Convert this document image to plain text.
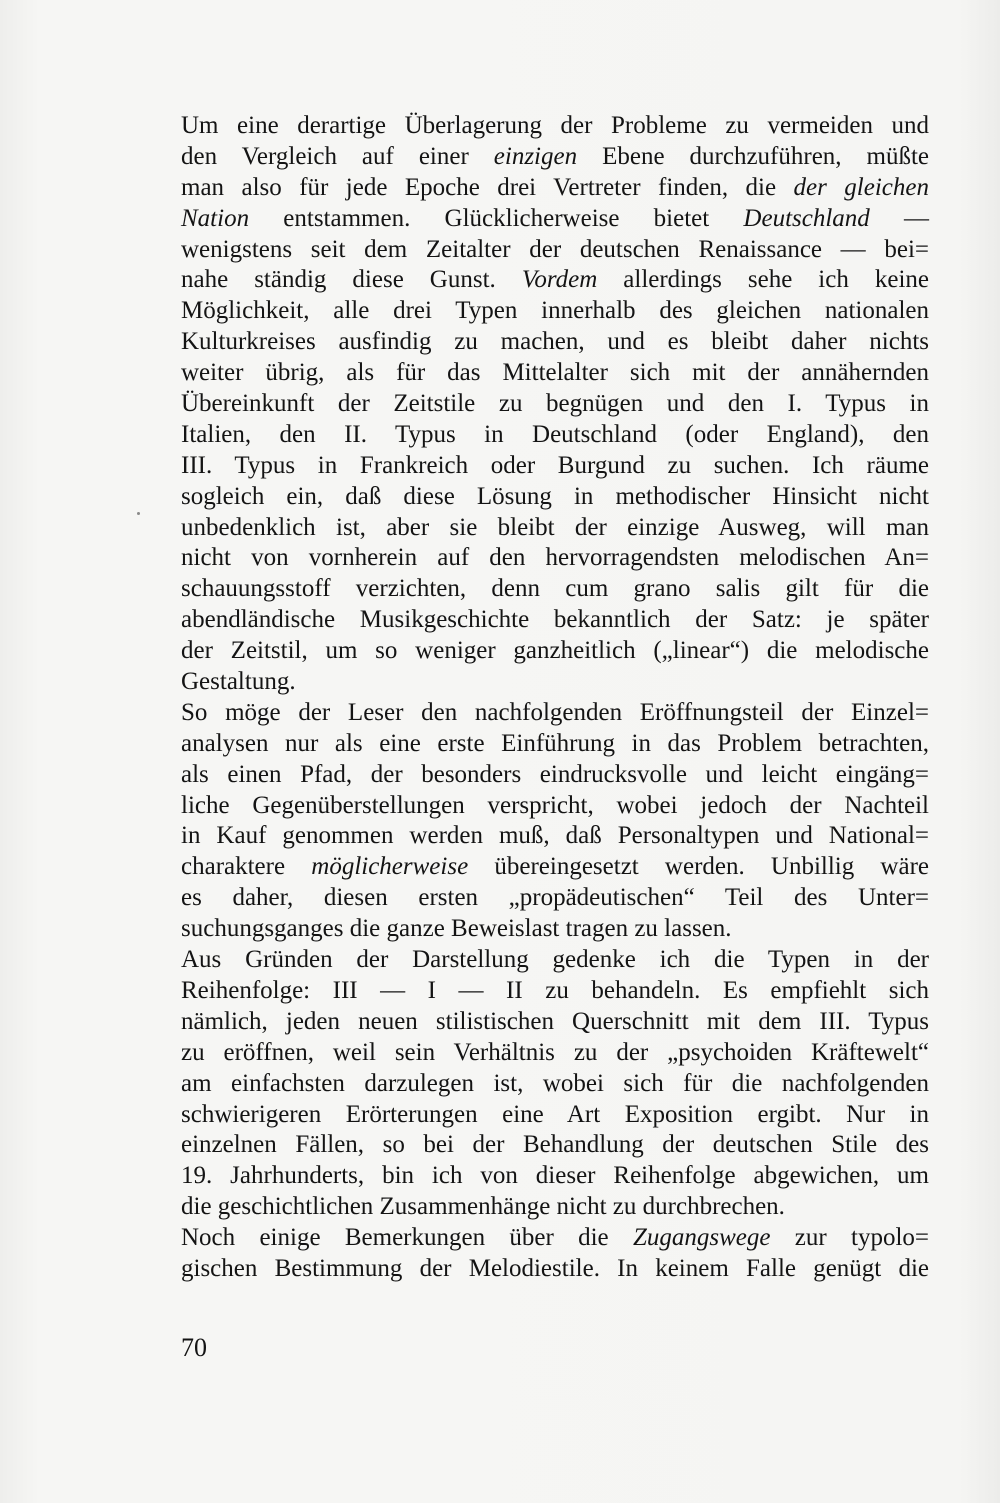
Um eine derartige Überlagerung der Probleme zu vermeiden und
den Vergleich auf einer einzigen Ebene durchzuführen, müßte
man also für jede Epoche drei Vertreter finden, die der gleichen
Nation entstammen. Glücklicherweise bietet Deutschland —
wenigstens seit dem Zeitalter der deutschen Renaissance — bei=
nahe ständig diese Gunst. Vordem allerdings sehe ich keine
Möglichkeit, alle drei Typen innerhalb des gleichen nationalen
Kulturkreises ausfindig zu machen, und es bleibt daher nichts
weiter übrig, als für das Mittelalter sich mit der annähernden
Übereinkunft der Zeitstile zu begnügen und den I. Typus in
Italien, den II. Typus in Deutschland (oder England), den
III. Typus in Frankreich oder Burgund zu suchen. Ich räume
sogleich ein, daß diese Lösung in methodischer Hinsicht nicht
unbedenklich ist, aber sie bleibt der einzige Ausweg, will man
nicht von vornherein auf den hervorragendsten melodischen An=
schauungsstoff verzichten, denn cum grano salis gilt für die
abendländische Musikgeschichte bekanntlich der Satz: je später
der Zeitstil, um so weniger ganzheitlich („linear“) die melodische
Gestaltung.
So möge der Leser den nachfolgenden Eröffnungsteil der Einzel=
analysen nur als eine erste Einführung in das Problem betrachten,
als einen Pfad, der besonders eindrucksvolle und leicht eingäng=
liche Gegenüberstellungen verspricht, wobei jedoch der Nachteil
in Kauf genommen werden muß, daß Personaltypen und National=
charaktere möglicherweise übereingesetzt werden. Unbillig wäre
es daher, diesen ersten „propädeutischen“ Teil des Unter=
suchungsganges die ganze Beweislast tragen zu lassen.
Aus Gründen der Darstellung gedenke ich die Typen in der
Reihenfolge: III — I — II zu behandeln. Es empfiehlt sich
nämlich, jeden neuen stilistischen Querschnitt mit dem III. Typus
zu eröffnen, weil sein Verhältnis zu der „psychoiden Kräftewelt“
am einfachsten darzulegen ist, wobei sich für die nachfolgenden
schwierigeren Erörterungen eine Art Exposition ergibt. Nur in
einzelnen Fällen, so bei der Behandlung der deutschen Stile des
19. Jahrhunderts, bin ich von dieser Reihenfolge abgewichen, um
die geschichtlichen Zusammenhänge nicht zu durchbrechen.
Noch einige Bemerkungen über die Zugangswege zur typolo=
gischen Bestimmung der Melodiestile. In keinem Falle genügt die
70
